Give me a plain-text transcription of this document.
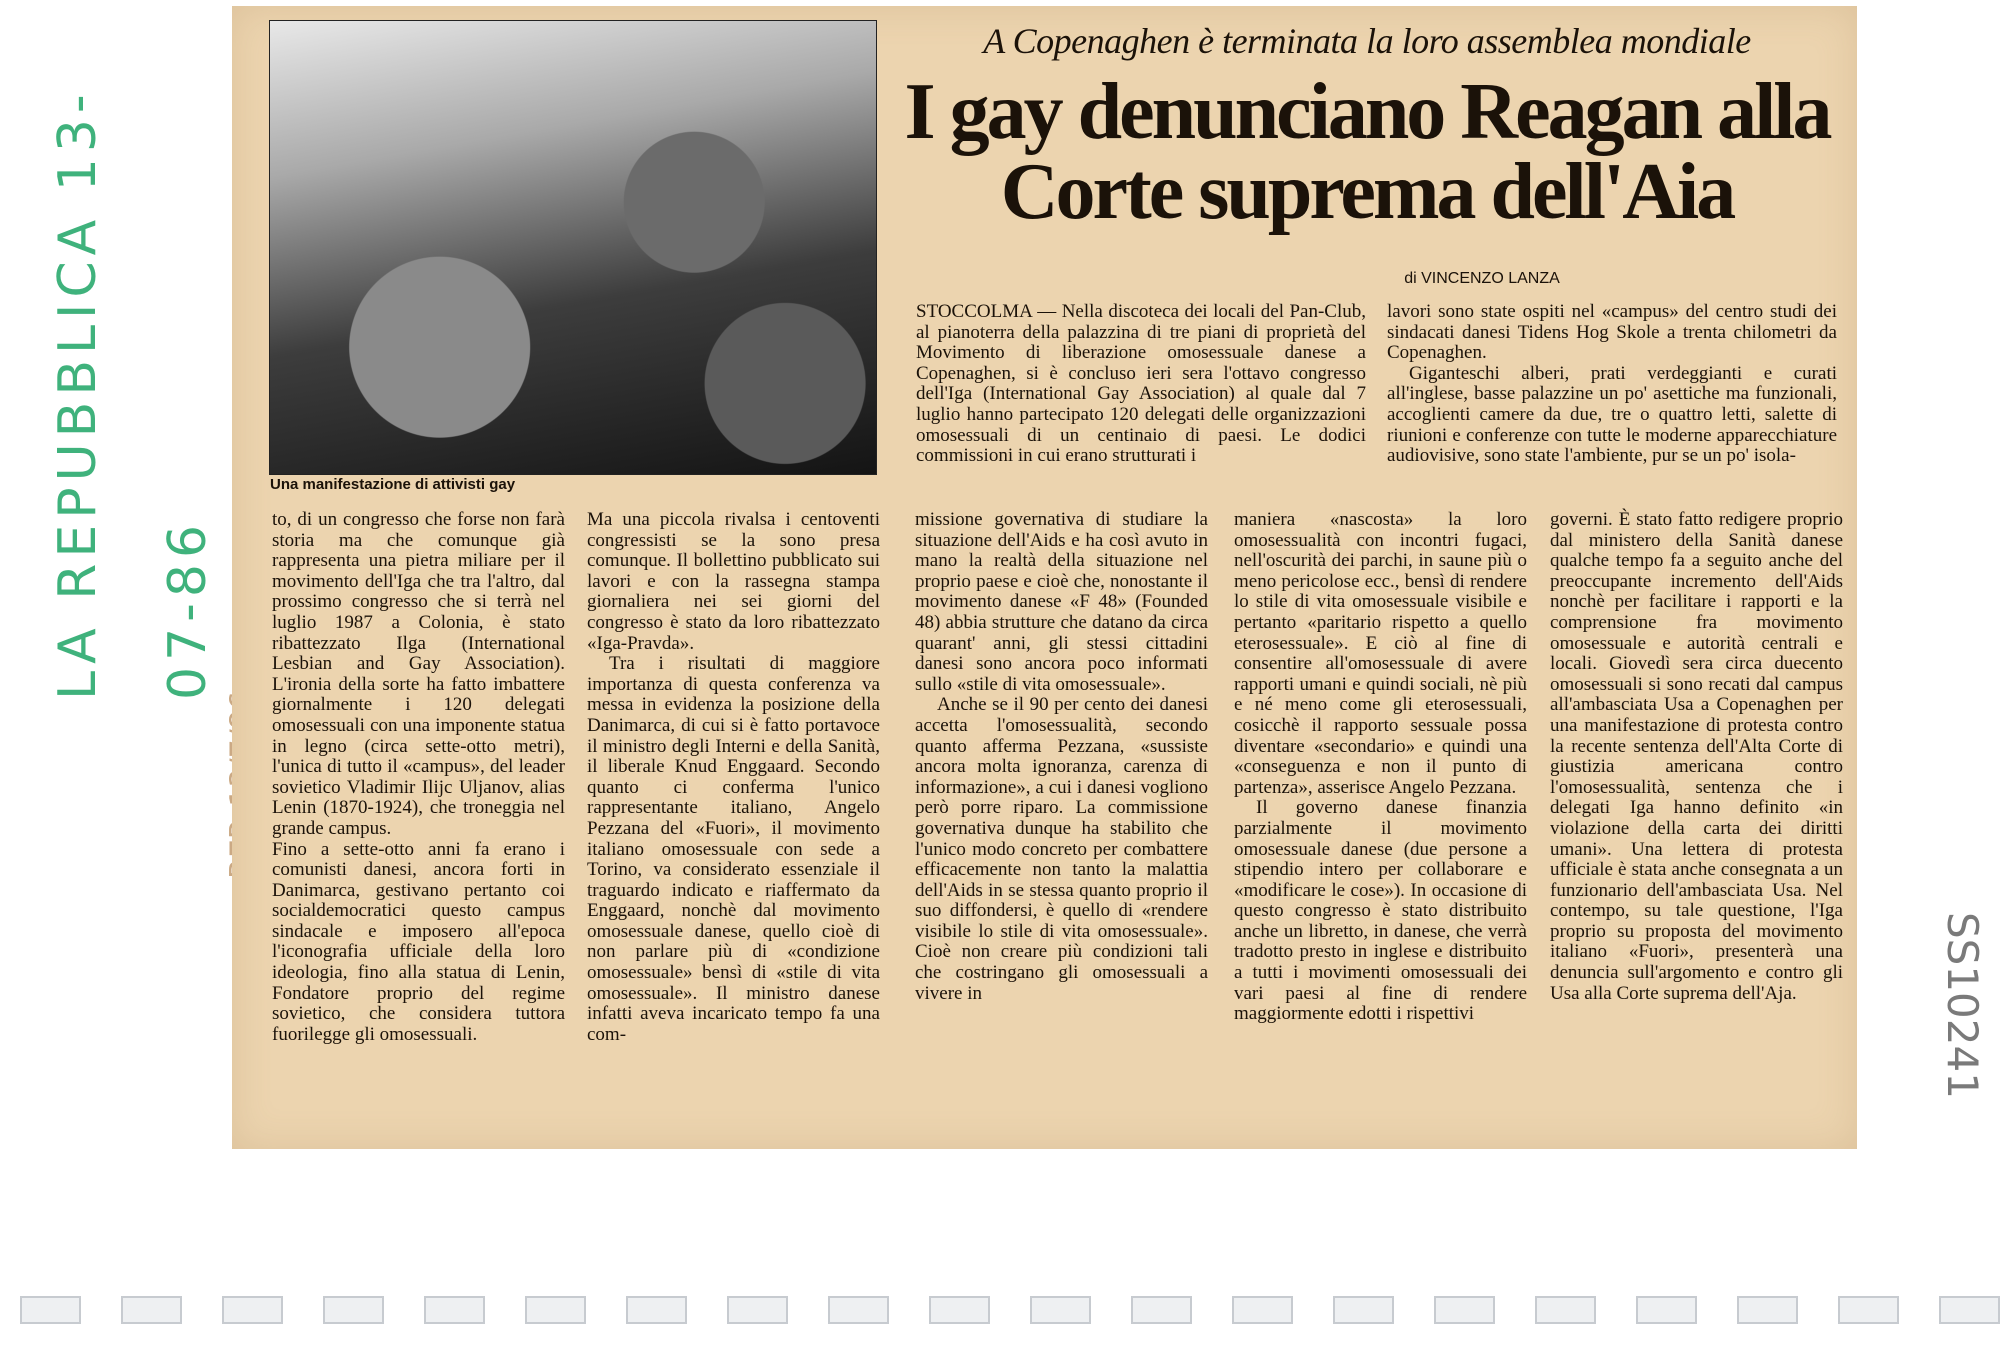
LA REPUBBLICA 13-07-86
SS10241
Una manifestazione di attivisti gay
A Copenaghen è terminata la loro assemblea mondiale
I gay denunciano Reagan alla Corte suprema dell'Aia
di VINCENZO LANZA

STOCCOLMA — Nella discoteca dei locali del Pan-Club, al pianoterra della palazzina di tre piani di proprietà del Movimento di liberazione omosessuale danese a Copenaghen, si è concluso ieri sera l'ottavo congresso dell'Iga (International Gay Association) al quale dal 7 luglio hanno partecipato 120 delegati delle organizzazioni omosessuali di un centinaio di paesi. Le dodici commissioni in cui erano strutturati i

lavori sono state ospiti nel «campus» del centro studi dei sindacati danesi Tidens Hog Skole a trenta chilometri da Copenaghen.

Giganteschi alberi, prati verdeggianti e curati all'inglese, basse palazzine un po' asettiche ma funzionali, accoglienti camere da due, tre o quattro letti, salette di riunioni e conferenze con tutte le moderne apparecchiature audiovisive, sono state l'ambiente, pur se un po' isola-

to, di un congresso che forse non farà storia ma che comunque già rappresenta una pietra miliare per il movimento dell'Iga che tra l'altro, dal prossimo congresso che si terrà nel luglio 1987 a Colonia, è stato ribattezzato Ilga (International Lesbian and Gay Association). L'ironia della sorte ha fatto imbattere giornalmente i 120 delegati omosessuali con una imponente statua in legno (circa sette-otto metri), l'unica di tutto il «campus», del leader sovietico Vladimir Ilijc Uljanov, alias Lenin (1870-1924), che troneggia nel grande campus.

Fino a sette-otto anni fa erano i comunisti danesi, ancora forti in Danimarca, gestivano pertanto coi socialdemocratici questo campus sindacale e imposero all'epoca l'iconografia ufficiale della loro ideologia, fino alla statua di Lenin, Fondatore proprio del regime sovietico, che considera tuttora fuorilegge gli omosessuali.

Ma una piccola rivalsa i centoventi congressisti se la sono presa comunque. Il bollettino pubblicato sui lavori e con la rassegna stampa giornaliera nei sei giorni del congresso è stato da loro ribattezzato «Iga-Pravda».

Tra i risultati di maggiore importanza di questa conferenza va messa in evidenza la posizione della Danimarca, di cui si è fatto portavoce il ministro degli Interni e della Sanità, il liberale Knud Enggaard. Secondo quanto ci conferma l'unico rappresentante italiano, Angelo Pezzana del «Fuori», il movimento italiano omosessuale con sede a Torino, va considerato essenziale il traguardo indicato e riaffermato da Enggaard, nonchè dal movimento omosessuale danese, quello cioè di non parlare più di «condizione omosessuale» bensì di «stile di vita omosessuale». Il ministro danese infatti aveva incaricato tempo fa una com-

missione governativa di studiare la situazione dell'Aids e ha così avuto in mano la realtà della situazione nel proprio paese e cioè che, nonostante il movimento danese «F 48» (Founded 48) abbia strutture che datano da circa quarant' anni, gli stessi cittadini danesi sono ancora poco informati sullo «stile di vita omosessuale».

Anche se il 90 per cento dei danesi accetta l'omosessualità, secondo quanto afferma Pezzana, «sussiste ancora molta ignoranza, carenza di informazione», a cui i danesi vogliono però porre riparo. La commissione governativa dunque ha stabilito che l'unico modo concreto per combattere efficacemente non tanto la malattia dell'Aids in se stessa quanto proprio il suo diffondersi, è quello di «rendere visibile lo stile di vita omosessuale». Cioè non creare più condizioni tali che costringano gli omosessuali a vivere in

maniera «nascosta» la loro omosessualità con incontri fugaci, nell'oscurità dei parchi, in saune più o meno pericolose ecc., bensì di rendere lo stile di vita omosessuale visibile e pertanto «paritario rispetto a quello eterosessuale». E ciò al fine di consentire all'omosessuale di avere rapporti umani e quindi sociali, nè più e né meno come gli eterosessuali, cosicchè il rapporto sessuale possa diventare «secondario» e quindi una «conseguenza e non il punto di partenza», asserisce Angelo Pezzana.

Il governo danese finanzia parzialmente il movimento omosessuale danese (due persone a stipendio intero per collaborare e «modificare le cose»). In occasione di questo congresso è stato distribuito anche un libretto, in danese, che verrà tradotto presto in inglese e distribuito a tutti i movimenti omosessuali dei vari paesi al fine di rendere maggiormente edotti i rispettivi

governi. È stato fatto redigere proprio dal ministero della Sanità danese qualche tempo fa a seguito anche del preoccupante incremento dell'Aids nonchè per facilitare i rapporti e la comprensione fra movimento omosessuale e autorità centrali e locali. Giovedì sera circa duecento omosessuali si sono recati dal campus all'ambasciata Usa a Copenaghen per una manifestazione di protesta contro la recente sentenza dell'Alta Corte di giustizia americana contro l'omosessualità, sentenza che i delegati Iga hanno definito «in violazione della carta dei diritti umani». Una lettera di protesta ufficiale è stata anche consegnata a un funzionario dell'ambasciata Usa. Nel contempo, su tale questione, l'Iga proprio su proposta del movimento italiano «Fuori», presenterà una denuncia sull'argomento e contro gli Usa alla Corte suprema dell'Aja.
